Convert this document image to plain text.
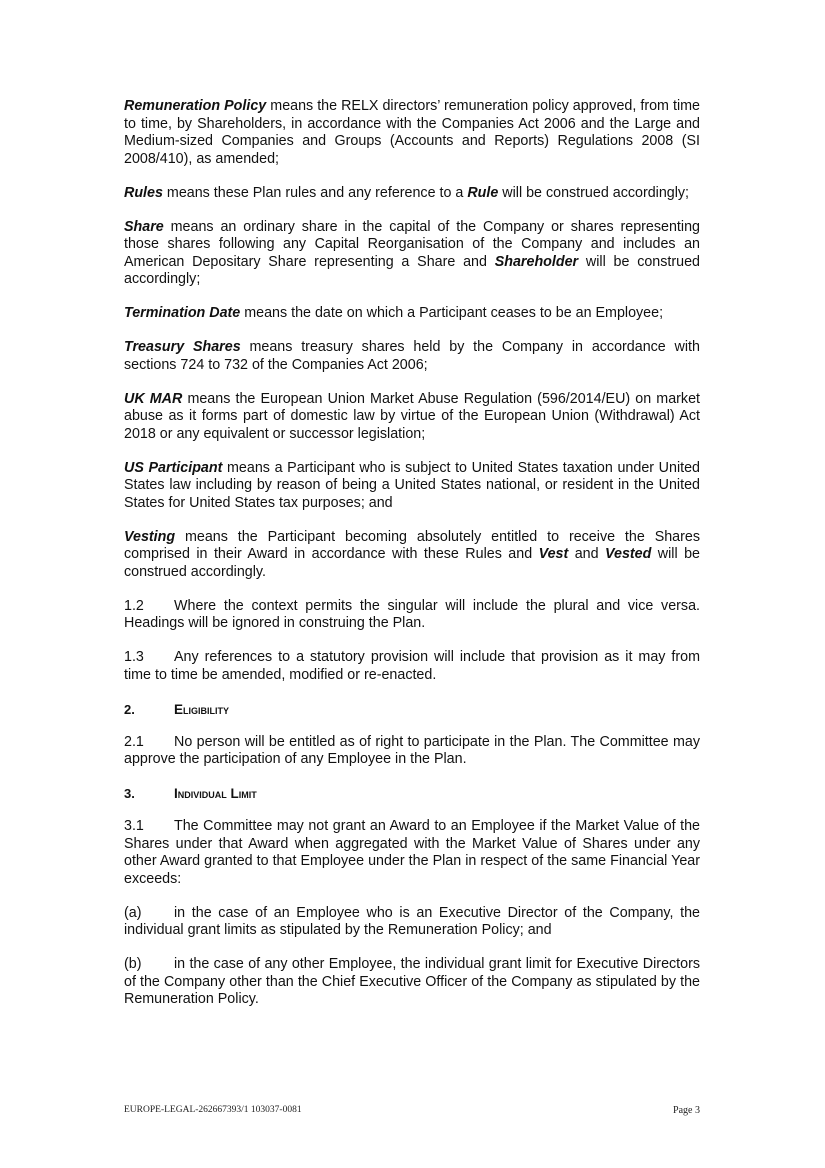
Remuneration Policy means the RELX directors’ remuneration policy approved, from time to time, by Shareholders, in accordance with the Companies Act 2006 and the Large and Medium-sized Companies and Groups (Accounts and Reports) Regulations 2008 (SI 2008/410), as amended;

Rules means these Plan rules and any reference to a Rule will be construed accordingly;

Share means an ordinary share in the capital of the Company or shares representing those shares following any Capital Reorganisation of the Company and includes an American Depositary Share representing a Share and Shareholder will be construed accordingly;

Termination Date means the date on which a Participant ceases to be an Employee;

Treasury Shares means treasury shares held by the Company in accordance with sections 724 to 732 of the Companies Act 2006;

UK MAR means the European Union Market Abuse Regulation (596/2014/EU) on market abuse as it forms part of domestic law by virtue of the European Union (Withdrawal) Act 2018 or any equivalent or successor legislation;

US Participant means a Participant who is subject to United States taxation under United States law including by reason of being a United States national, or resident in the United States for United States tax purposes; and

Vesting means the Participant becoming absolutely entitled to receive the Shares comprised in their Award in accordance with these Rules and Vest and Vested will be construed accordingly.

1.2 Where the context permits the singular will include the plural and vice versa. Headings will be ignored in construing the Plan.

1.3 Any references to a statutory provision will include that provision as it may from time to time be amended, modified or re-enacted.

2.	Eligibility

2.1 No person will be entitled as of right to participate in the Plan. The Committee may approve the participation of any Employee in the Plan.

3.	Individual Limit

3.1 The Committee may not grant an Award to an Employee if the Market Value of the Shares under that Award when aggregated with the Market Value of Shares under any other Award granted to that Employee under the Plan in respect of the same Financial Year exceeds:

(a) in the case of an Employee who is an Executive Director of the Company, the individual grant limits as stipulated by the Remuneration Policy; and

(b) in the case of any other Employee, the individual grant limit for Executive Directors of the Company other than the Chief Executive Officer of the Company as stipulated by the Remuneration Policy.

EUROPE-LEGAL-262667393/1 103037-0081	Page 3
